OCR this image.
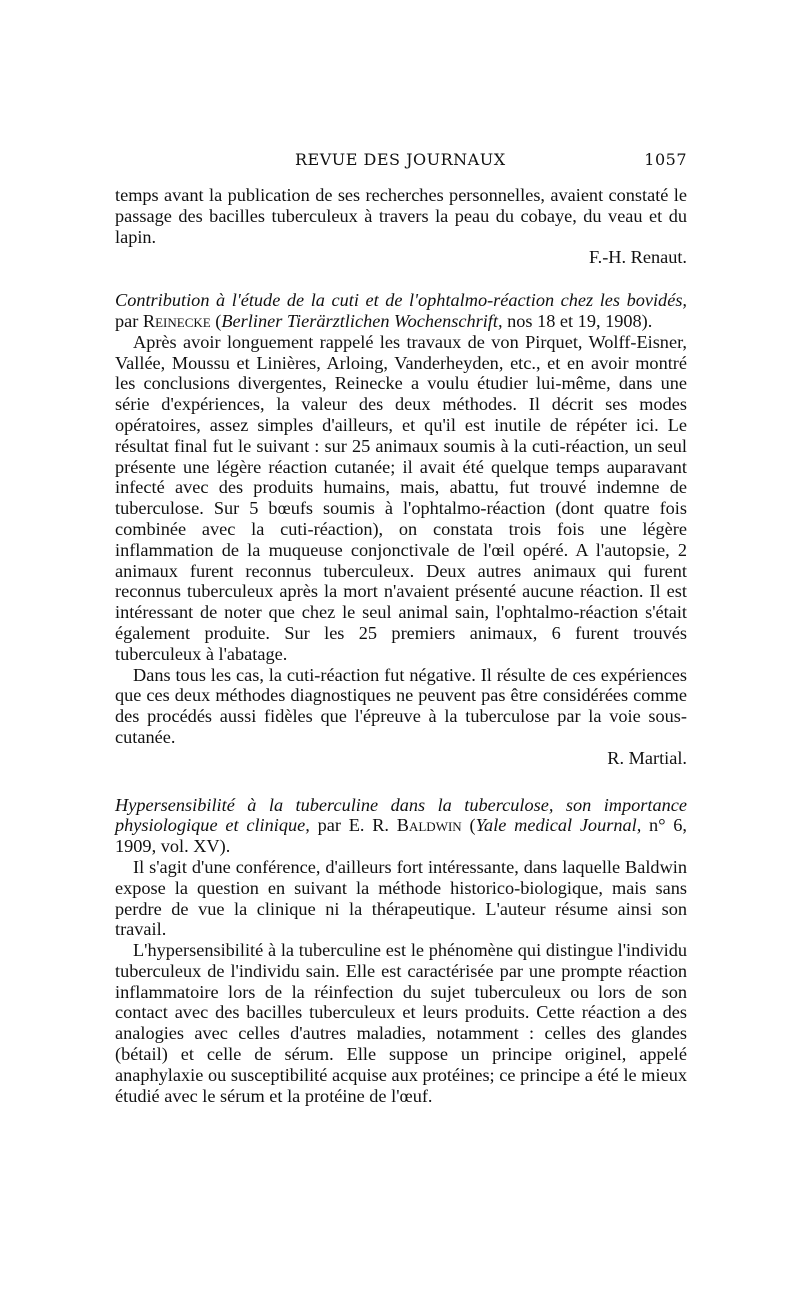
REVUE DES JOURNAUX	1057

temps avant la publication de ses recherches personnelles, avaient constaté le passage des bacilles tuberculeux à travers la peau du cobaye, du veau et du lapin.

F.-H. Renaut.

Contribution à l'étude de la cuti et de l'ophtalmo-réaction chez les bovidés, par Reinecke (Berliner Tierärztlichen Wochenschrift, nos 18 et 19, 1908).

Après avoir longuement rappelé les travaux de von Pirquet, Wolff-Eisner, Vallée, Moussu et Linières, Arloing, Vanderheyden, etc., et en avoir montré les conclusions divergentes, Reinecke a voulu étudier lui-même, dans une série d'expériences, la valeur des deux méthodes. Il décrit ses modes opératoires, assez simples d'ailleurs, et qu'il est inutile de répéter ici. Le résultat final fut le suivant : sur 25 animaux soumis à la cuti-réaction, un seul présente une légère réaction cutanée; il avait été quelque temps auparavant infecté avec des produits humains, mais, abattu, fut trouvé indemne de tuberculose. Sur 5 bœufs soumis à l'ophtalmo-réaction (dont quatre fois combinée avec la cuti-réaction), on constata trois fois une légère inflammation de la muqueuse conjonctivale de l'œil opéré. A l'autopsie, 2 animaux furent reconnus tuberculeux. Deux autres animaux qui furent reconnus tuberculeux après la mort n'avaient présenté aucune réaction. Il est intéressant de noter que chez le seul animal sain, l'ophtalmo-réaction s'était également produite. Sur les 25 premiers animaux, 6 furent trouvés tuberculeux à l'abatage.

Dans tous les cas, la cuti-réaction fut négative. Il résulte de ces expériences que ces deux méthodes diagnostiques ne peuvent pas être considérées comme des procédés aussi fidèles que l'épreuve à la tuberculose par la voie sous-cutanée.

R. Martial.

Hypersensibilité à la tuberculine dans la tuberculose, son importance physiologique et clinique, par E. R. Baldwin (Yale medical Journal, n° 6, 1909, vol. XV).

Il s'agit d'une conférence, d'ailleurs fort intéressante, dans laquelle Baldwin expose la question en suivant la méthode historico-biologique, mais sans perdre de vue la clinique ni la thérapeutique. L'auteur résume ainsi son travail.

L'hypersensibilité à la tuberculine est le phénomène qui distingue l'individu tuberculeux de l'individu sain. Elle est caractérisée par une prompte réaction inflammatoire lors de la réinfection du sujet tuberculeux ou lors de son contact avec des bacilles tuberculeux et leurs produits. Cette réaction a des analogies avec celles d'autres maladies, notamment : celles des glandes (bétail) et celle de sérum. Elle suppose un principe originel, appelé anaphylaxie ou susceptibilité acquise aux protéines; ce principe a été le mieux étudié avec le sérum et la protéine de l'œuf.
